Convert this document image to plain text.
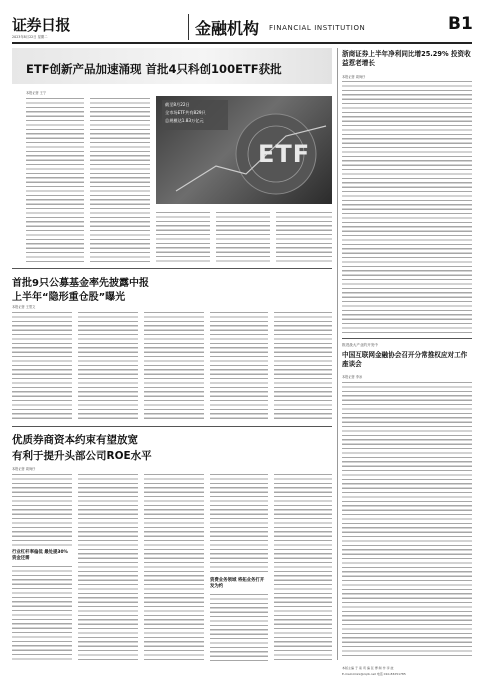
证券日报
2023年8月22日 星期二	金融机构 FINANCIAL INSTITUTION	B1
ETF创新产品加速涌现 首批4只科创100ETF获批
本报记者 王宁
截至8月22日
全市场ETF共有829只
总规模达1.83万亿元
ETF
浙商证券上半年净利同比增25.29% 投资收益惹老增长
本报记者 周尚仔
推进战大产业的开发中
中国互联网金融协会召开分常推权应对工作座谈会
本报记者 李冰
首批9只公募基金率先披露中报
上半年“隐形重仓股”曝光
本报记者 王思文
优质券商资本约束有望放宽
有利于提升头部公司ROE水平
本报记者 周尚仔
行业杠杆率偏低 最处提30%资金还需
资费业务领域 将拓业务打开发为约
本版主编 于 南 责 编 张 博 制 作 李 波
E-mail:zmzx@zqrb.net 电话 010-83251785
